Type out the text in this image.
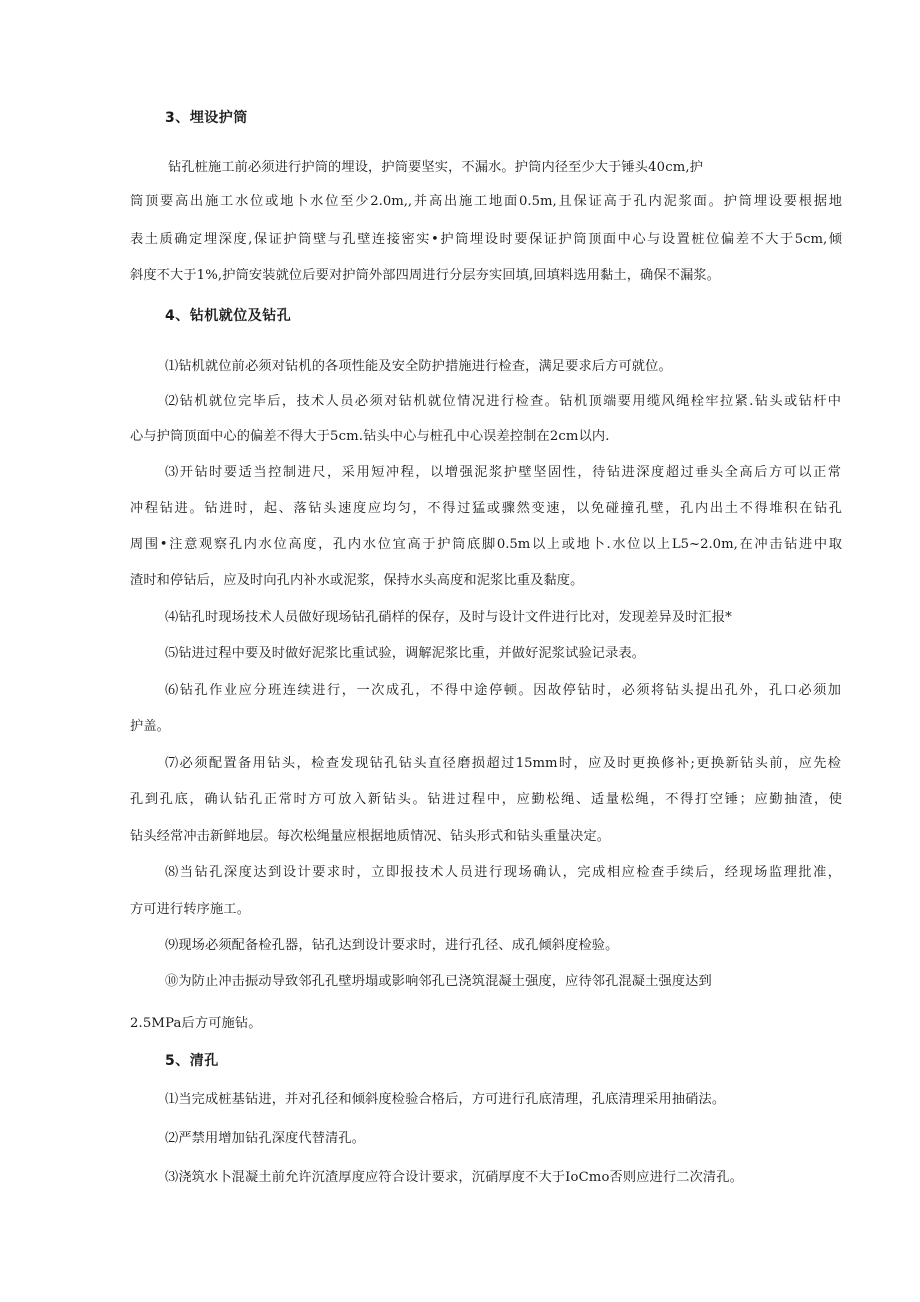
3、埋设护筒
钻孔桩施工前必须进行护筒的埋设，护筒要坚实，不漏水。护筒内径至少大于锤头40cm,护
筒顶要高出施工水位或地卜水位至少2.0m,,并高出施工地面0.5m,且保证高于孔内泥浆面。护筒埋设要根据地
表土质确定埋深度,保证护筒壁与孔壁连接密实•护筒埋设时要保证护筒顶面中心与设置桩位偏差不大于5cm,倾
斜度不大于1%,护筒安装就位后要对护筒外部四周进行分层夯实回填,回填料选用黏土，确保不漏浆。
4、钻机就位及钻孔
⑴钻机就位前必须对钻机的各项性能及安全防护措施进行检查，满足要求后方可就位。
⑵钻机就位完毕后，技术人员必须对钻机就位情况进行检查。钻机顶端要用缆风绳栓牢拉紧.钻头或钻杆中
心与护筒顶面中心的偏差不得大于5cm.钻头中心与桩孔中心误差控制在2cm以内.
⑶开钻时要适当控制进尺，采用短冲程，以增强泥浆护壁坚固性，待钻进深度超过垂头全高后方可以正常
冲程钻进。钻进时，起、落钻头速度应均匀，不得过猛或骤然变速，以免碰撞孔壁，孔内出土不得堆积在钻孔
周围•注意观察孔内水位高度，孔内水位宜高于护筒底脚0.5m以上或地卜.水位以上L5~2.0m,在冲击钻进中取
渣时和停钻后，应及时向孔内补水或泥浆，保持水头高度和泥浆比重及黏度。
⑷钻孔时现场技术人员做好现场钻孔硝样的保存，及时与设计文件进行比对，发现差异及时汇报*
⑸钻进过程中要及时做好泥浆比重试验，调解泥浆比重，并做好泥浆试验记录表。
⑹钻孔作业应分班连续进行，一次成孔，不得中途停顿。因故停钻时，必须将钻头提出孔外，孔口必须加
护盖。
⑺必须配置备用钻头，检查发现钻孔钻头直径磨损超过15mm时，应及时更换修补;更换新钻头前，应先检
孔到孔底，确认钻孔正常时方可放入新钻头。钻进过程中，应勤松绳、适量松绳，不得打空锤；应勤抽渣，使
钻头经常冲击新鲜地层。每次松绳量应根据地质情况、钻头形式和钻头重量决定。
⑻当钻孔深度达到设计要求时，立即报技术人员进行现场确认，完成相应检查手续后，经现场监理批准，
方可进行转序施工。
⑼现场必须配备检孔器，钻孔达到设计要求时，进行孔径、成孔倾斜度检验。
⑩为防止冲击振动导致邻孔孔壁坍塌或影响邻孔已浇筑混凝土强度，应待邻孔混凝土强度达到
2.5MPa后方可施钻。
5、清孔
⑴当完成桩基钻进，并对孔径和倾斜度检验合格后，方可进行孔底清理，孔底清理采用抽硝法。
⑵严禁用增加钻孔深度代替清孔。
⑶浇筑水卜混凝土前允许沉渣厚度应符合设计要求，沉硝厚度不大于IoCmo否则应进行二次清孔。
